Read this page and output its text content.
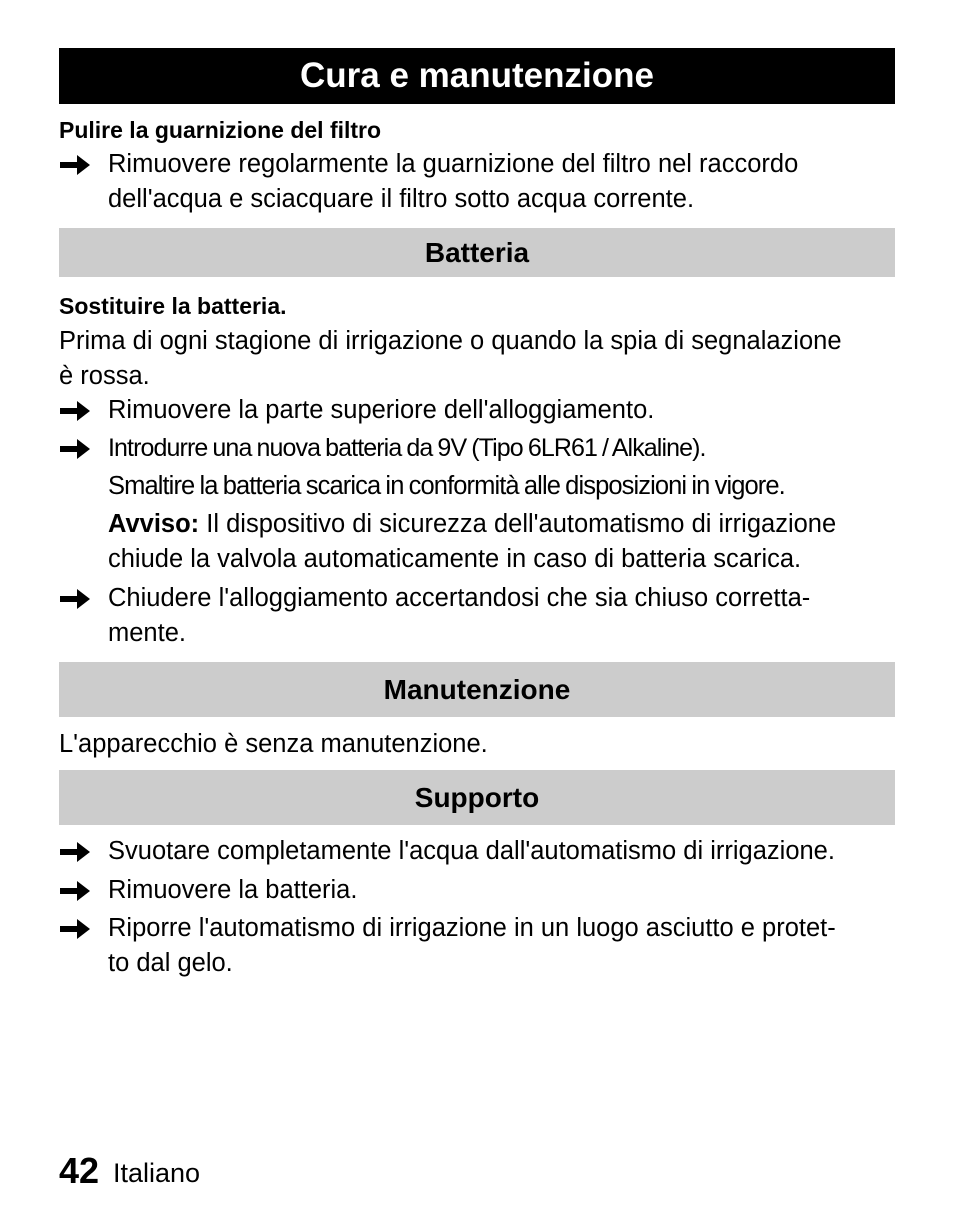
Cura e manutenzione
Pulire la guarnizione del filtro
Rimuovere regolarmente la guarnizione del filtro nel raccordo
dell'acqua e sciacquare il filtro sotto acqua corrente.
Batteria
Sostituire la batteria.
Prima di ogni stagione di irrigazione o quando la spia di segnalazione
è rossa.
Rimuovere la parte superiore dell'alloggiamento.
Introdurre una nuova batteria da 9V (Tipo 6LR61 / Alkaline).
Smaltire la batteria scarica in conformità alle disposizioni in vigore.
Avviso: Il dispositivo di sicurezza dell'automatismo di irrigazione
chiude la valvola automaticamente in caso di batteria scarica.
Chiudere l'alloggiamento accertandosi che sia chiuso corretta-
mente.
Manutenzione
L'apparecchio è senza manutenzione.
Supporto
Svuotare completamente l'acqua dall'automatismo di irrigazione.
Rimuovere la batteria.
Riporre l'automatismo di irrigazione in un luogo asciutto e protet-
to dal gelo.
42 Italiano
